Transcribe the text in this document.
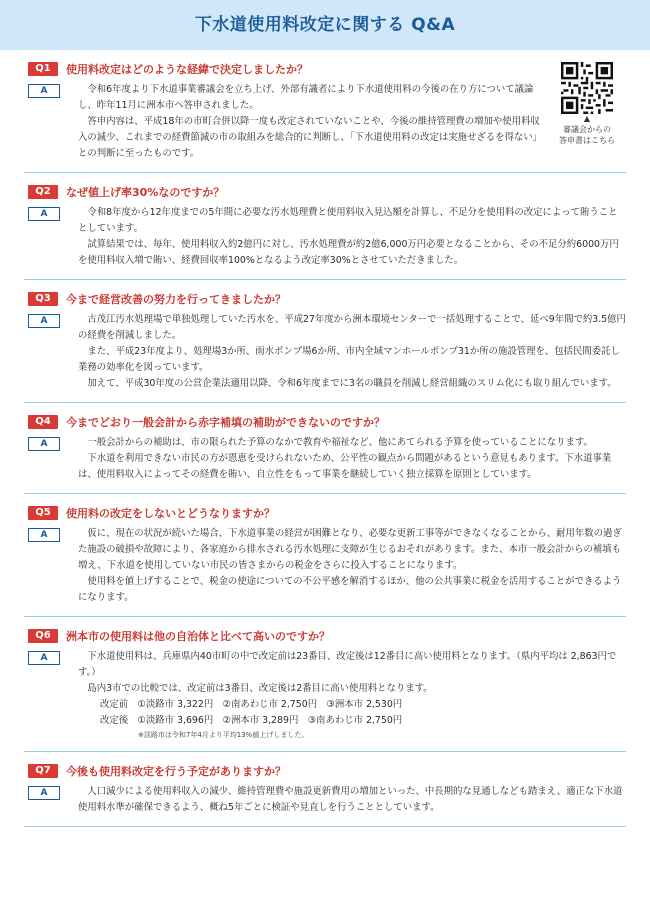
下水道使用料改定に関する Q&A
Q1	使用料改定はどのような経緯で決定しましたか？
A	令和6年度より下水道事業審議会を立ち上げ、外部有識者により下水道使用料の今後の在り方について議論し、昨年11月に洲本市へ答申されました。

答申内容は、平成18年の市町合併以降一度も改定されていないことや、今後の維持管理費の増加や使用料収入の減少、これまでの経費節減の市の取組みを総合的に判断し、「下水道使用料の改定は実施せざるを得ない」との判断に至ったものです。

▲
審議会からの
答申書はこちら
Q2	なぜ値上げ率30%なのですか？
A	令和8年度から12年度までの5年間に必要な汚水処理費と使用料収入見込額を計算し、不足分を使用料の改定によって賄うこととしています。

試算結果では、毎年、使用料収入約2億円に対し、汚水処理費が約2億6,000万円必要となることから、その不足分約6000万円を使用料収入増で賄い、経費回収率100%となるよう改定率30%とさせていただきました。

Q3	今まで経営改善の努力を行ってきましたか？
A	古茂江汚水処理場で単独処理していた汚水を、平成27年度から洲本環境センターで一括処理することで、延べ9年間で約3.5億円の経費を削減しました。

また、平成23年度より、処理場3か所、雨水ポンプ場6か所、市内全域マンホールポンプ31か所の施設管理を、包括民間委託し業務の効率化を図っています。

加えて、平成30年度の公営企業法適用以降、令和6年度までに3名の職員を削減し経営組織のスリム化にも取り組んでいます。

Q4	今までどおり一般会計から赤字補填の補助ができないのですか？
A	一般会計からの補助は、市の限られた予算のなかで教育や福祉など、他にあてられる予算を使っていることになります。

下水道を利用できない市民の方が恩恵を受けられないため、公平性の観点から問題があるという意見もあります。下水道事業は、使用料収入によってその経費を賄い、自立性をもって事業を継続していく独立採算を原則としています。

Q5	使用料の改定をしないとどうなりますか？
A	仮に、現在の状況が続いた場合、下水道事業の経営が困難となり、必要な更新工事等ができなくなることから、耐用年数の過ぎた施設の破損や故障により、各家庭から排水される汚水処理に支障が生じるおそれがあります。また、本市一般会計からの補填も増え、下水道を使用していない市民の皆さまからの税金をさらに投入することになります。

使用料を値上げすることで、税金の使途についての不公平感を解消するほか、他の公共事業に税金を活用することができるようになります。

Q6	洲本市の使用料は他の自治体と比べて高いのですか？
A	下水道使用料は、兵庫県内40市町の中で改定前は23番目、改定後は12番目に高い使用料となります。（県内平均は 2,863円です。）

島内3市での比較では、改定前は3番目、改定後は2番目に高い使用料となります。

改定前　①淡路市 3,322円　②南あわじ市 2,750円　③洲本市 2,530円

改定後　①淡路市 3,696円　②洲本市 3,289円　③南あわじ市 2,750円

※淡路市は令和7年4月より平均13%値上げしました。
Q7	今後も使用料改定を行う予定がありますか？
A	人口減少による使用料収入の減少、維持管理費や施設更新費用の増加といった、中長期的な見通しなども踏まえ、適正な下水道使用料水準が確保できるよう、概ね5年ごとに検証や見直しを行うこととしています。
